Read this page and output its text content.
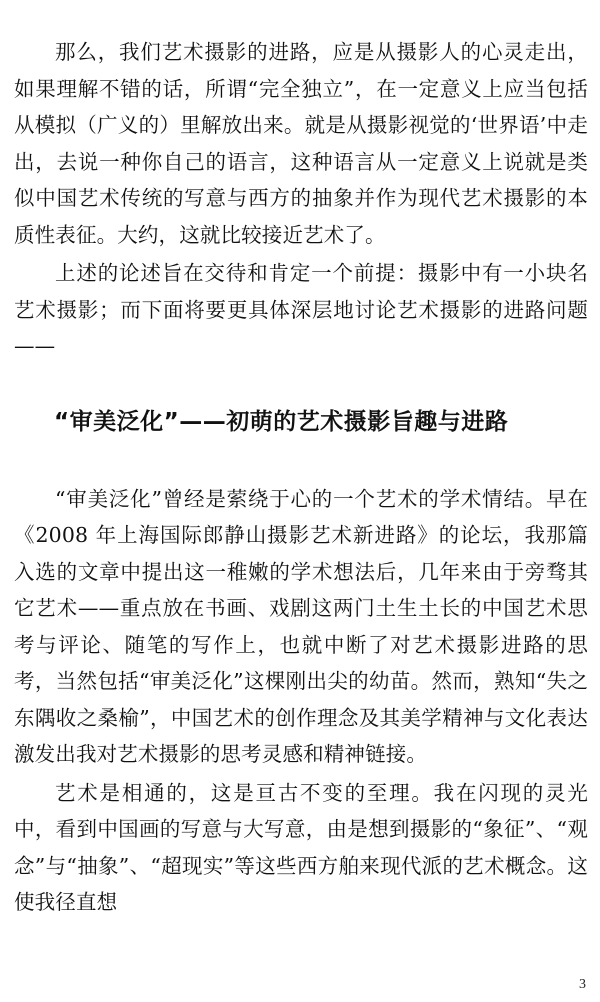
那么，我们艺术摄影的进路，应是从摄影人的心灵走出，如果理解不错的话，所谓“完全独立”，在一定意义上应当包括从模拟（广义的）里解放出来。就是从摄影视觉的‘世界语’中走出，去说一种你自己的语言，这种语言从一定意义上说就是类似中国艺术传统的写意与西方的抽象并作为现代艺术摄影的本质性表征。大约，这就比较接近艺术了。

上述的论述旨在交待和肯定一个前提：摄影中有一小块名艺术摄影；而下面将要更具体深层地讨论艺术摄影的进路问题——

“审美泛化”——初萌的艺术摄影旨趣与进路

“审美泛化”曾经是萦绕于心的一个艺术的学术情结。早在《2008 年上海国际郎静山摄影艺术新进路》的论坛，我那篇入选的文章中提出这一稚嫩的学术想法后，几年来由于旁骛其它艺术——重点放在书画、戏剧这两门土生土长的中国艺术思考与评论、随笔的写作上，也就中断了对艺术摄影进路的思考，当然包括“审美泛化”这棵刚出尖的幼苗。然而，熟知“失之东隅收之桑榆”，中国艺术的创作理念及其美学精神与文化表达激发出我对艺术摄影的思考灵感和精神链接。

艺术是相通的，这是亘古不变的至理。我在闪现的灵光中，看到中国画的写意与大写意，由是想到摄影的“象征”、“观念”与“抽象”、“超现实”等这些西方舶来现代派的艺术概念。这使我径直想

3
